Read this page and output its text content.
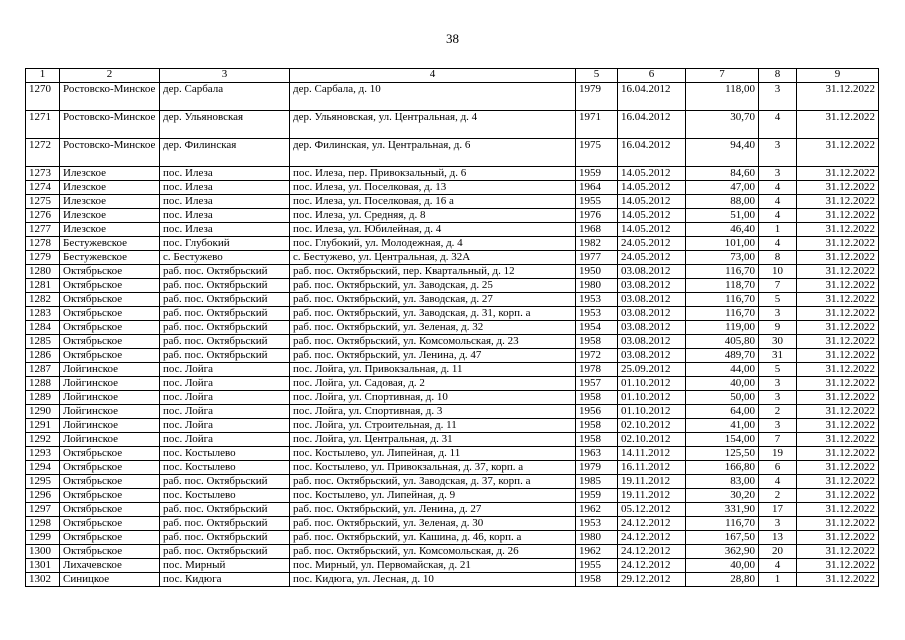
38
1	2	3	4	5	6	7	8	9
1270	Ростовско-Минское	дер. Сарбала	дер. Сарбала, д. 10	1979	16.04.2012	118,00	3	31.12.2022
1271	Ростовско-Минское	дер. Ульяновская	дер. Ульяновская, ул. Центральная, д. 4	1971	16.04.2012	30,70	4	31.12.2022
1272	Ростовско-Минское	дер. Филинская	дер. Филинская, ул. Центральная, д. 6	1975	16.04.2012	94,40	3	31.12.2022
1273	Илезское	пос. Илеза	пос. Илеза, пер. Привокзальный, д. 6	1959	14.05.2012	84,60	3	31.12.2022
1274	Илезское	пос. Илеза	пос. Илеза, ул. Поселковая, д. 13	1964	14.05.2012	47,00	4	31.12.2022
1275	Илезское	пос. Илеза	пос. Илеза, ул. Поселковая, д. 16 а	1955	14.05.2012	88,00	4	31.12.2022
1276	Илезское	пос. Илеза	пос. Илеза, ул. Средняя, д. 8	1976	14.05.2012	51,00	4	31.12.2022
1277	Илезское	пос. Илеза	пос. Илеза, ул. Юбилейная, д. 4	1968	14.05.2012	46,40	1	31.12.2022
1278	Бестужевское	пос. Глубокий	пос. Глубокий, ул. Молодежная, д. 4	1982	24.05.2012	101,00	4	31.12.2022
1279	Бестужевское	с. Бестужево	с. Бестужево, ул. Центральная, д. 32А	1977	24.05.2012	73,00	8	31.12.2022
1280	Октябрьское	раб. пос. Октябрьский	раб. пос. Октябрьский, пер. Квартальный, д. 12	1950	03.08.2012	116,70	10	31.12.2022
1281	Октябрьское	раб. пос. Октябрьский	раб. пос. Октябрьский, ул. Заводская, д. 25	1980	03.08.2012	118,70	7	31.12.2022
1282	Октябрьское	раб. пос. Октябрьский	раб. пос. Октябрьский, ул. Заводская, д. 27	1953	03.08.2012	116,70	5	31.12.2022
1283	Октябрьское	раб. пос. Октябрьский	раб. пос. Октябрьский, ул. Заводская, д. 31, корп. а	1953	03.08.2012	116,70	3	31.12.2022
1284	Октябрьское	раб. пос. Октябрьский	раб. пос. Октябрьский, ул. Зеленая, д. 32	1954	03.08.2012	119,00	9	31.12.2022
1285	Октябрьское	раб. пос. Октябрьский	раб. пос. Октябрьский, ул. Комсомольская, д. 23	1958	03.08.2012	405,80	30	31.12.2022
1286	Октябрьское	раб. пос. Октябрьский	раб. пос. Октябрьский, ул. Ленина, д. 47	1972	03.08.2012	489,70	31	31.12.2022
1287	Лойгинское	пос. Лойга	пос. Лойга, ул. Привокзальная, д. 11	1978	25.09.2012	44,00	5	31.12.2022
1288	Лойгинское	пос. Лойга	пос. Лойга, ул. Садовая, д. 2	1957	01.10.2012	40,00	3	31.12.2022
1289	Лойгинское	пос. Лойга	пос. Лойга, ул. Спортивная, д. 10	1958	01.10.2012	50,00	3	31.12.2022
1290	Лойгинское	пос. Лойга	пос. Лойга, ул. Спортивная, д. 3	1956	01.10.2012	64,00	2	31.12.2022
1291	Лойгинское	пос. Лойга	пос. Лойга, ул. Строительная, д. 11	1958	02.10.2012	41,00	3	31.12.2022
1292	Лойгинское	пос. Лойга	пос. Лойга, ул. Центральная, д. 31	1958	02.10.2012	154,00	7	31.12.2022
1293	Октябрьское	пос. Костылево	пос. Костылево, ул. Липейная, д. 11	1963	14.11.2012	125,50	19	31.12.2022
1294	Октябрьское	пос. Костылево	пос. Костылево, ул. Привокзальная, д. 37, корп. а	1979	16.11.2012	166,80	6	31.12.2022
1295	Октябрьское	раб. пос. Октябрьский	раб. пос. Октябрьский, ул. Заводская, д. 37, корп. а	1985	19.11.2012	83,00	4	31.12.2022
1296	Октябрьское	пос. Костылево	пос. Костылево, ул. Липейная, д. 9	1959	19.11.2012	30,20	2	31.12.2022
1297	Октябрьское	раб. пос. Октябрьский	раб. пос. Октябрьский, ул. Ленина, д. 27	1962	05.12.2012	331,90	17	31.12.2022
1298	Октябрьское	раб. пос. Октябрьский	раб. пос. Октябрьский, ул. Зеленая, д. 30	1953	24.12.2012	116,70	3	31.12.2022
1299	Октябрьское	раб. пос. Октябрьский	раб. пос. Октябрьский, ул. Кашина, д. 46, корп. а	1980	24.12.2012	167,50	13	31.12.2022
1300	Октябрьское	раб. пос. Октябрьский	раб. пос. Октябрьский, ул. Комсомольская, д. 26	1962	24.12.2012	362,90	20	31.12.2022
1301	Лихачевское	пос. Мирный	пос. Мирный, ул. Первомайская, д. 21	1955	24.12.2012	40,00	4	31.12.2022
1302	Синицкое	пос. Кидюга	пос. Кидюга, ул. Лесная, д. 10	1958	29.12.2012	28,80	1	31.12.2022
